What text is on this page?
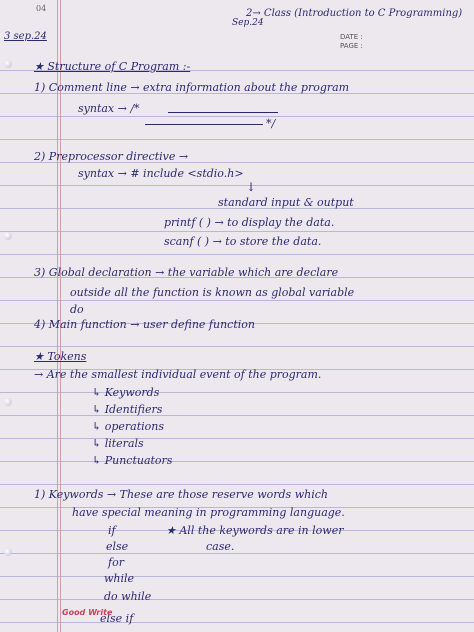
04	2→ Class (Introduction to C Programming)
Sep.24
3 sep.24	DATE :
PAGE :
★ Structure of C Program :-
1) Comment line → extra information about the program
syntax → /*
*/
2) Preprocessor directive →
syntax → # include <stdio.h>
↓
standard input & output
printf ( ) → to display the data.
scanf ( ) → to store the data.
3) Global declaration → the variable which are declare
outside all the function is known as global variable
do
4) Main function → user define function
★ Tokens
→ Are the smallest individual event of the program.
↳ Keywords
↳ Identifiers
↳ operations
↳ literals
↳ Punctuators
1) Keywords → These are those reserve words which
have special meaning in programming language.
★ All the keywords are in lower
case.
if
else
for
while
do while
else if
Good Write
